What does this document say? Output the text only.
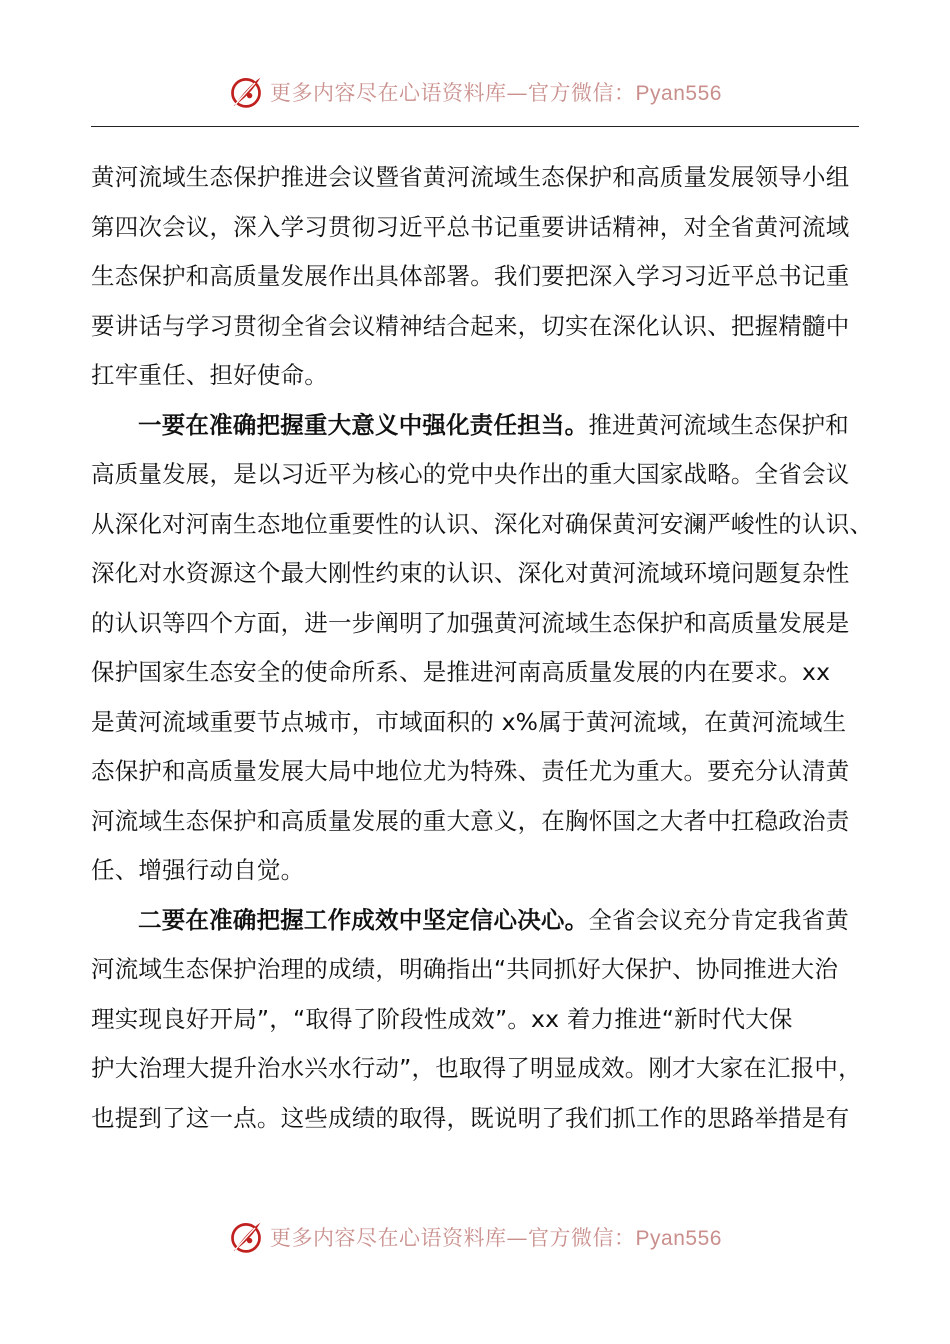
更多内容尽在心语资料库—官方微信：Pyan556
黄河流域生态保护推进会议暨省黄河流域生态保护和高质量发展领导小组
第四次会议，深入学习贯彻习近平总书记重要讲话精神，对全省黄河流域
生态保护和高质量发展作出具体部署。我们要把深入学习习近平总书记重
要讲话与学习贯彻全省会议精神结合起来，切实在深化认识、把握精髓中
扛牢重任、担好使命。
一要在准确把握重大意义中强化责任担当。推进黄河流域生态保护和
高质量发展，是以习近平为核心的党中央作出的重大国家战略。全省会议
从深化对河南生态地位重要性的认识、深化对确保黄河安澜严峻性的认识、
深化对水资源这个最大刚性约束的认识、深化对黄河流域环境问题复杂性
的认识等四个方面，进一步阐明了加强黄河流域生态保护和高质量发展是
保护国家生态安全的使命所系、是推进河南高质量发展的内在要求。xx
是黄河流域重要节点城市，市域面积的 x%属于黄河流域，在黄河流域生
态保护和高质量发展大局中地位尤为特殊、责任尤为重大。要充分认清黄
河流域生态保护和高质量发展的重大意义，在胸怀国之大者中扛稳政治责
任、增强行动自觉。
二要在准确把握工作成效中坚定信心决心。全省会议充分肯定我省黄
河流域生态保护治理的成绩，明确指出“共同抓好大保护、协同推进大治
理实现良好开局”，“取得了阶段性成效”。xx 着力推进“新时代大保
护大治理大提升治水兴水行动”，也取得了明显成效。刚才大家在汇报中，
也提到了这一点。这些成绩的取得，既说明了我们抓工作的思路举措是有
更多内容尽在心语资料库—官方微信：Pyan556
